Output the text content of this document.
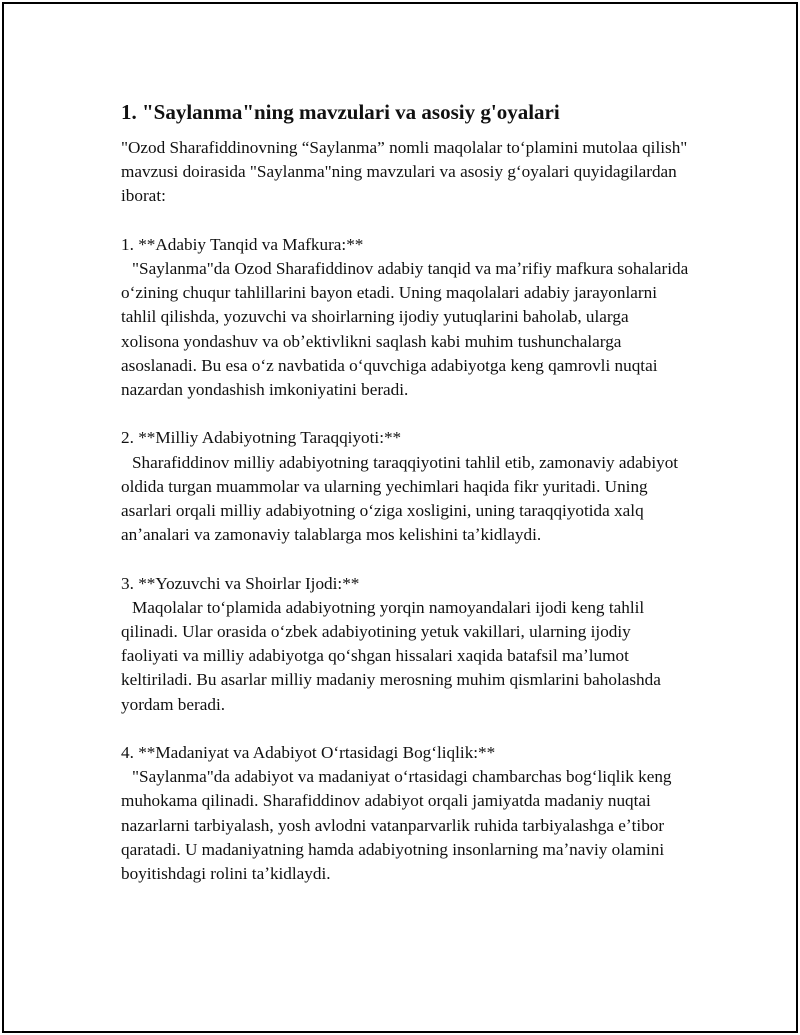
1. "Saylanma"ning mavzulari va asosiy g'oyalari

"Ozod Sharafiddinovning “Saylanma” nomli maqolalar toʻplamini mutolaa qilish" mavzusi doirasida "Saylanma"ning mavzulari va asosiy gʻoyalari quyidagilardan iborat:

1. **Adabiy Tanqid va Mafkura:**

"Saylanma"da Ozod Sharafiddinov adabiy tanqid va maʼrifiy mafkura sohalarida oʻzining chuqur tahlillarini bayon etadi. Uning maqolalari adabiy jarayonlarni tahlil qilishda, yozuvchi va shoirlarning ijodiy yutuqlarini baholab, ularga xolisona yondashuv va obʼektivlikni saqlash kabi muhim tushunchalarga asoslanadi. Bu esa oʻz navbatida oʻquvchiga adabiyotga keng qamrovli nuqtai nazardan yondashish imkoniyatini beradi.

2. **Milliy Adabiyotning Taraqqiyoti:**

Sharafiddinov milliy adabiyotning taraqqiyotini tahlil etib, zamonaviy adabiyot oldida turgan muammolar va ularning yechimlari haqida fikr yuritadi. Uning asarlari orqali milliy adabiyotning oʻziga xosligini, uning taraqqiyotida xalq anʼanalari va zamonaviy talablarga mos kelishini taʼkidlaydi.

3. **Yozuvchi va Shoirlar Ijodi:**

Maqolalar toʻplamida adabiyotning yorqin namoyandalari ijodi keng tahlil qilinadi. Ular orasida oʻzbek adabiyotining yetuk vakillari, ularning ijodiy faoliyati va milliy adabiyotga qoʻshgan hissalari xaqida batafsil maʼlumot keltiriladi. Bu asarlar milliy madaniy merosning muhim qismlarini baholashda yordam beradi.

4. **Madaniyat va Adabiyot Oʻrtasidagi Bogʻliqlik:**

"Saylanma"da adabiyot va madaniyat oʻrtasidagi chambarchas bogʻliqlik keng muhokama qilinadi. Sharafiddinov adabiyot orqali jamiyatda madaniy nuqtai nazarlarni tarbiyalash, yosh avlodni vatanparvarlik ruhida tarbiyalashga eʼtibor qaratadi. U madaniyatning hamda adabiyotning insonlarning maʼnaviy olamini boyitishdagi rolini taʼkidlaydi.
